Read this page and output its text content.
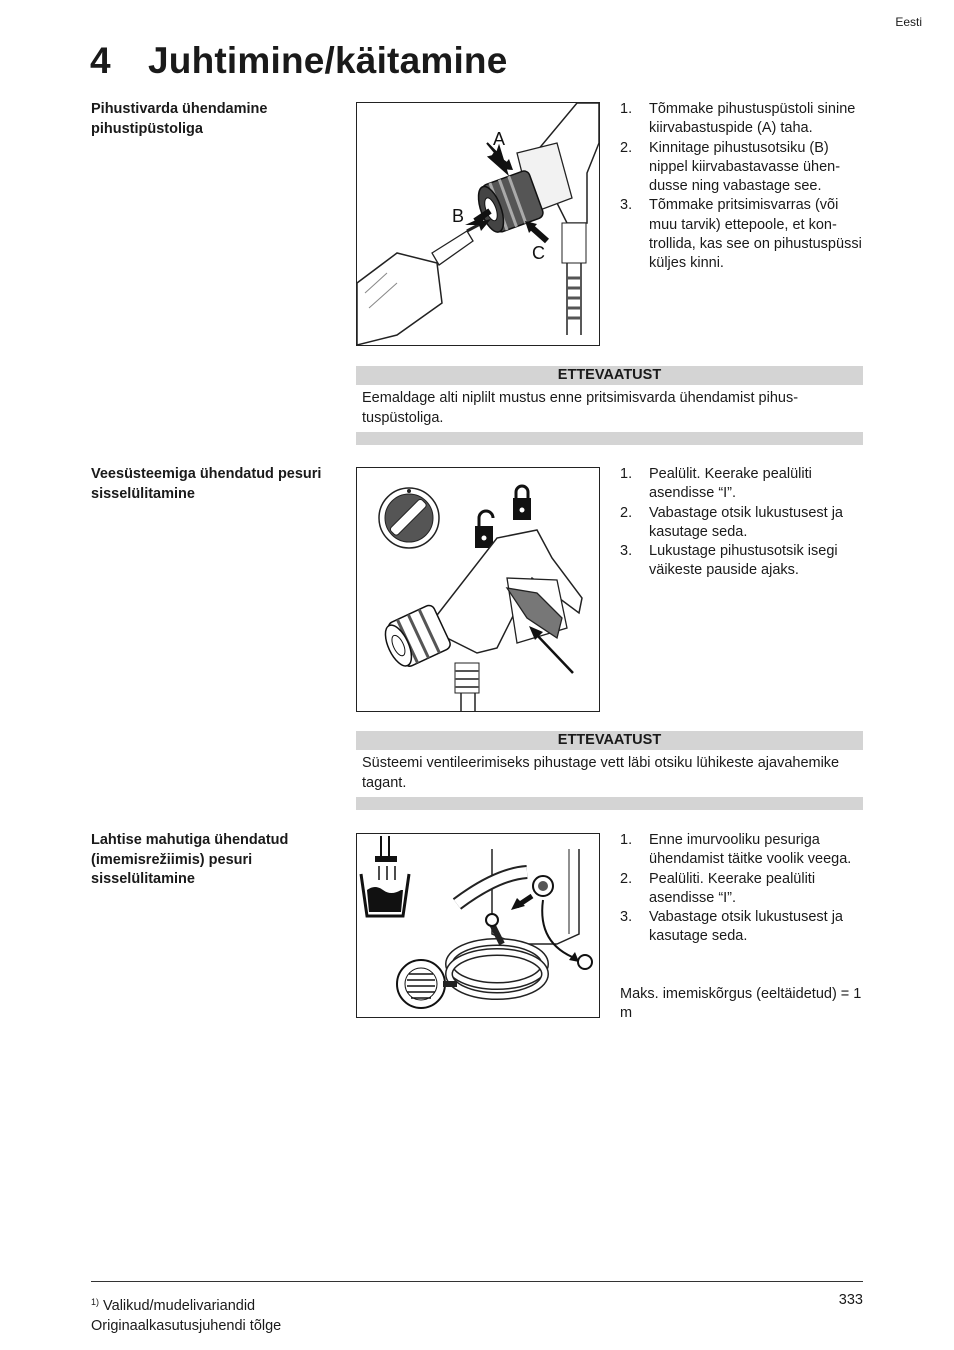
Eesti
4 Juhtimine/käitamine
Pihustivarda ühendamine pihustipüstoliga
A
B
C
1. Tõmmake pihustuspüstoli sinine kiirvabastuspide (A) taha.
2. Kinnitage pihustusotsiku (B) nippel kiirvabastavasse ühendusse ning vabastage see.
3. Tõmmake pritsimisvarras (või muu tarvik) ettepoole, et kontrollida, kas see on pihustuspüssi küljes kinni.
ETTEVAATUST
Eemaldage alti niplilt mustus enne pritsimisvarda ühendamist pihustuspüstoliga.
Veesüsteemiga ühendatud pesuri sisselülitamine
1. Pealülit. Keerake pealüliti asendisse “I”.
2. Vabastage otsik lukustusest ja kasutage seda.
3. Lukustage pihustusotsik isegi väikeste pauside ajaks.
ETTEVAATUST
Süsteemi ventileerimiseks pihustage vett läbi otsiku lühikeste ajavahemike tagant.
Lahtise mahutiga ühendatud (imemisrežiimis) pesuri sisselülitamine
1. Enne imurvooliku pesuriga ühendamist täitke voolik veega.
2. Pealüliti. Keerake pealüliti asendisse “I”.
3. Vabastage otsik lukustusest ja kasutage seda.
Maks. imemiskõrgus (eeltäidetud) = 1 m
$^{1)}$ Valikud/mudelivariandid
Originaalkasutusjuhendi tõlge
333
